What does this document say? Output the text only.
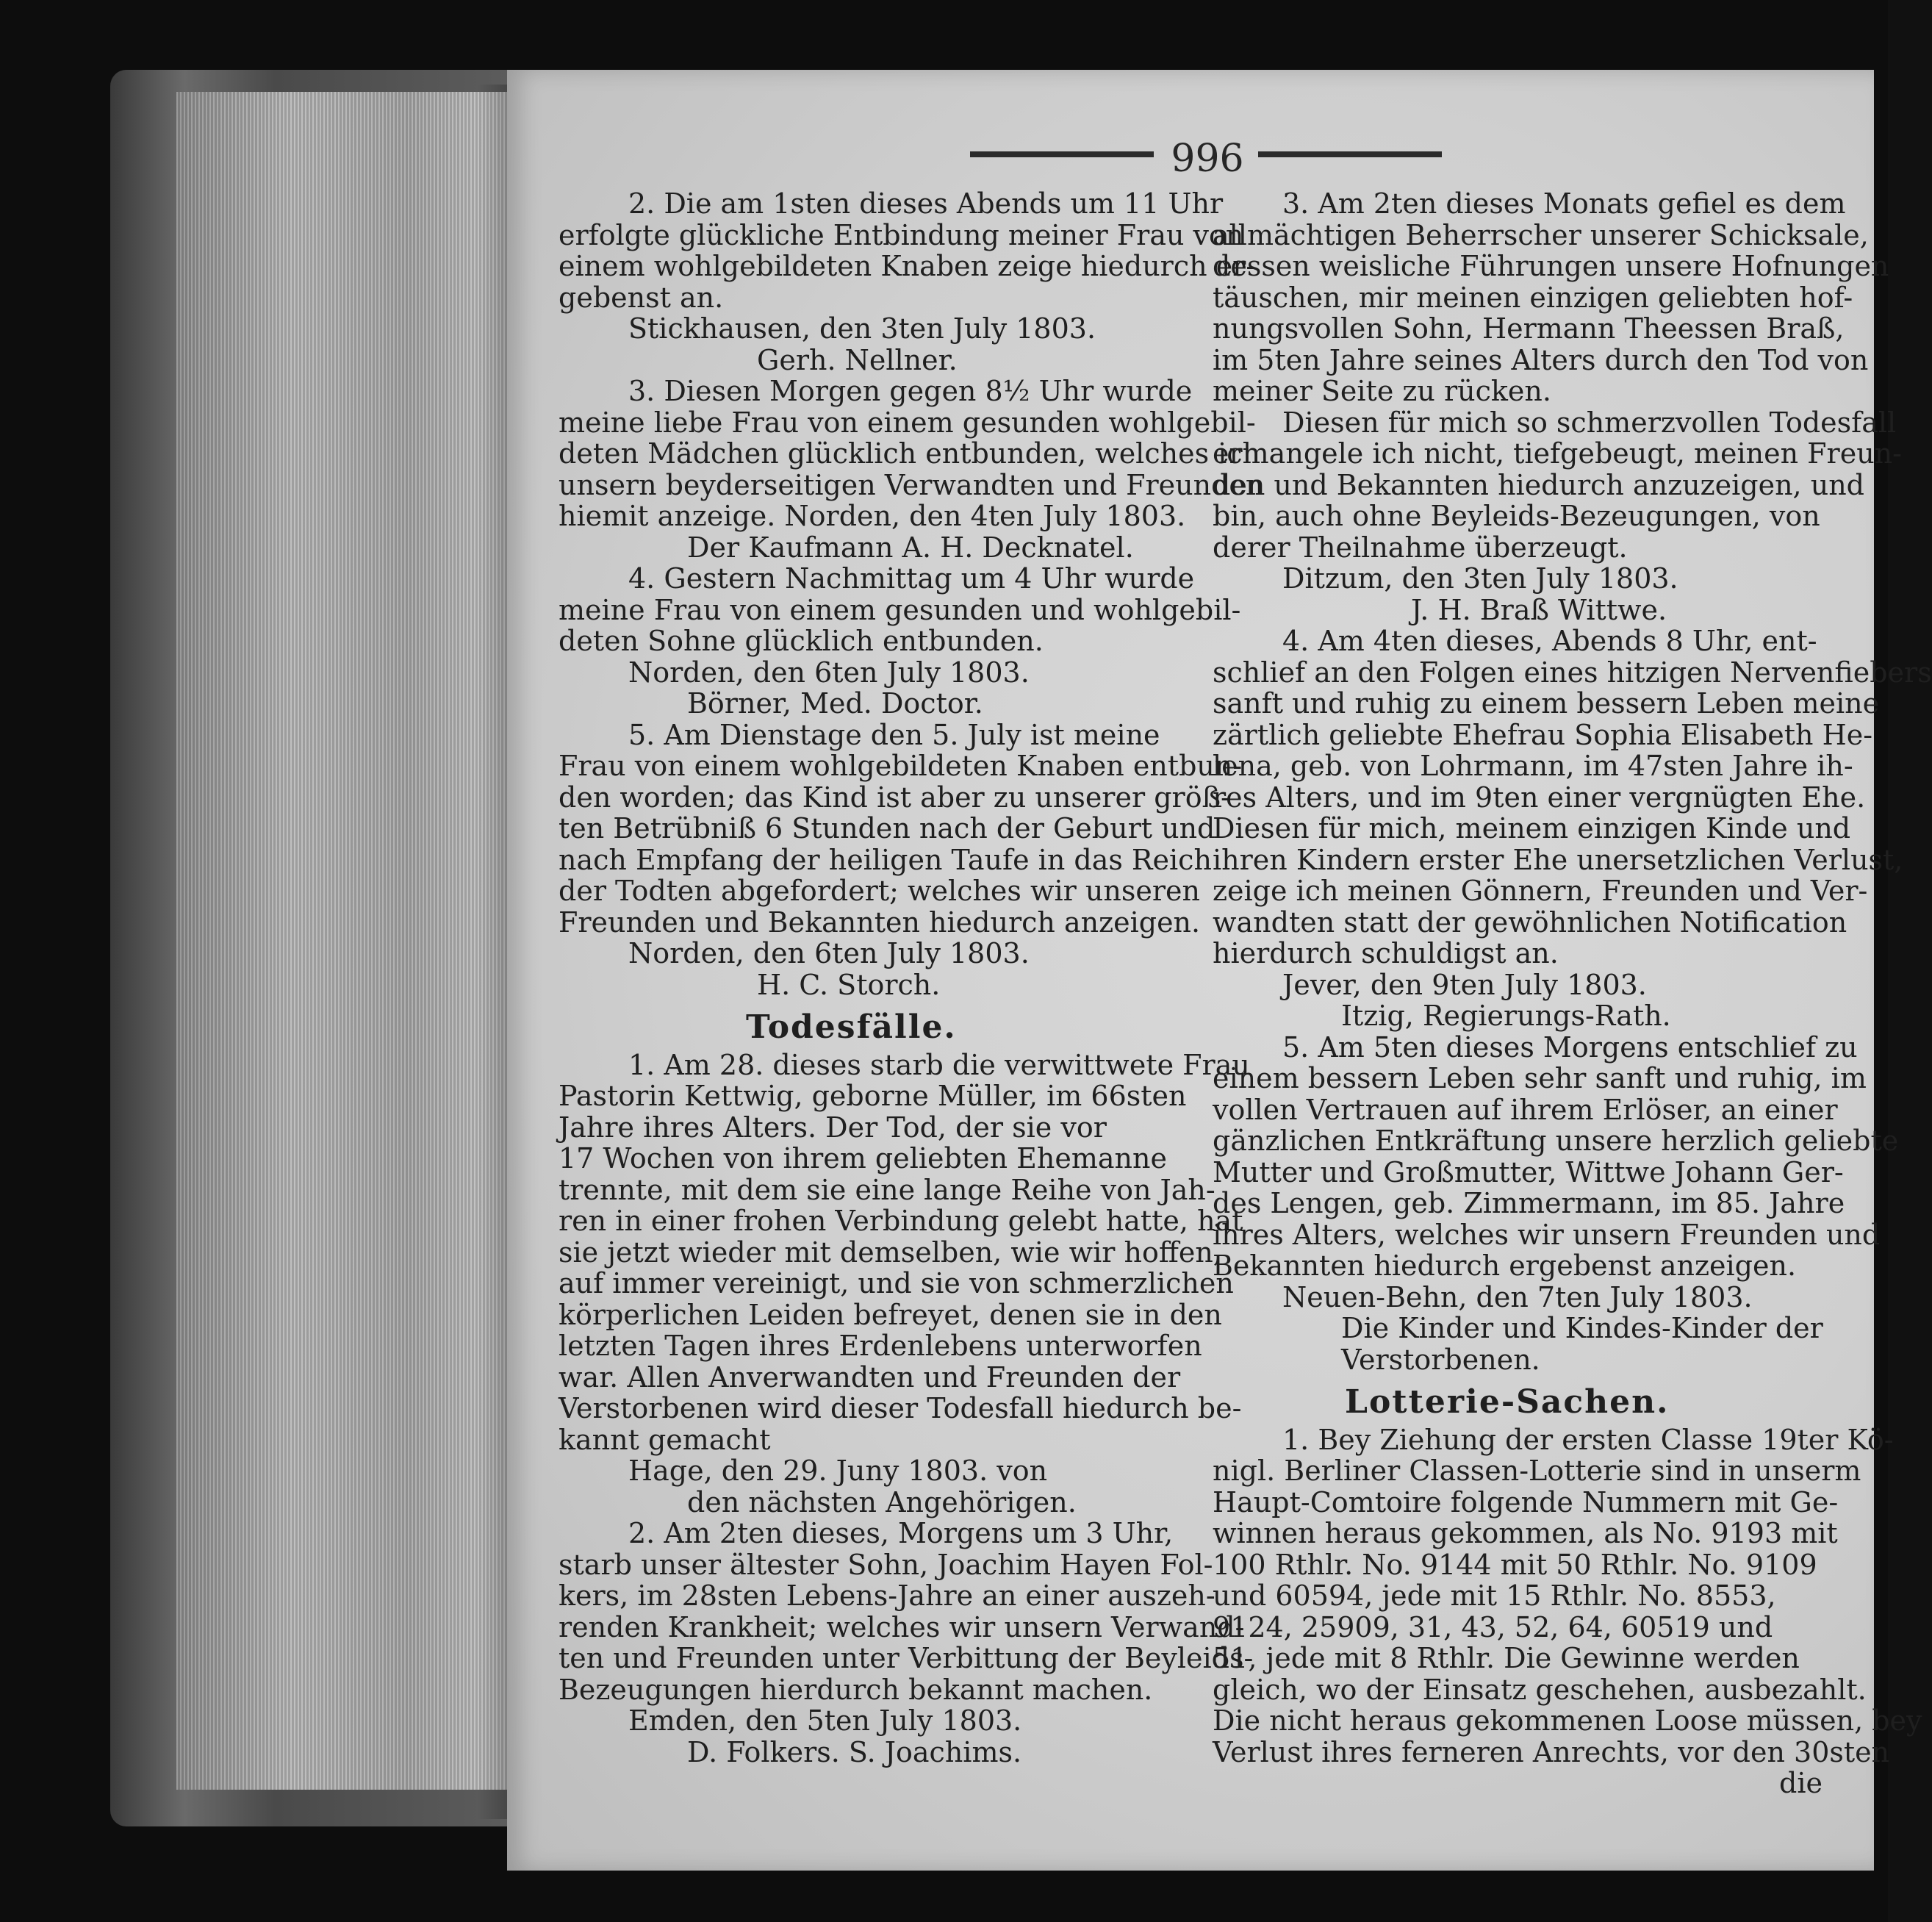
996
2. Die am 1sten dieses Abends um 11 Uhr
erfolgte glückliche Entbindung meiner Frau von
einem wohlgebildeten Knaben zeige hiedurch er-
gebenst an.
Stickhausen, den 3ten July 1803.
Gerh. Nellner.
3. Diesen Morgen gegen 8½ Uhr wurde
meine liebe Frau von einem gesunden wohlgebil-
deten Mädchen glücklich entbunden, welches ich
unsern beyderseitigen Verwandten und Freunden
hiemit anzeige. Norden, den 4ten July 1803.
Der Kaufmann A. H. Decknatel.
4. Gestern Nachmittag um 4 Uhr wurde
meine Frau von einem gesunden und wohlgebil-
deten Sohne glücklich entbunden.
Norden, den 6ten July 1803.
Börner, Med. Doctor.
5. Am Dienstage den 5. July ist meine
Frau von einem wohlgebildeten Knaben entbun-
den worden; das Kind ist aber zu unserer größ-
ten Betrübniß 6 Stunden nach der Geburt und
nach Empfang der heiligen Taufe in das Reich
der Todten abgefordert; welches wir unseren
Freunden und Bekannten hiedurch anzeigen.
Norden, den 6ten July 1803.
H. C. Storch.
Todesfälle.
1. Am 28. dieses starb die verwittwete Frau
Pastorin Kettwig, geborne Müller, im 66sten
Jahre ihres Alters. Der Tod, der sie vor
17 Wochen von ihrem geliebten Ehemanne
trennte, mit dem sie eine lange Reihe von Jah-
ren in einer frohen Verbindung gelebt hatte, hat
sie jetzt wieder mit demselben, wie wir hoffen,
auf immer vereinigt, und sie von schmerzlichen
körperlichen Leiden befreyet, denen sie in den
letzten Tagen ihres Erdenlebens unterworfen
war. Allen Anverwandten und Freunden der
Verstorbenen wird dieser Todesfall hiedurch be-
kannt gemacht
Hage, den 29. Juny 1803. von
den nächsten Angehörigen.
2. Am 2ten dieses, Morgens um 3 Uhr,
starb unser ältester Sohn, Joachim Hayen Fol-
kers, im 28sten Lebens-Jahre an einer auszeh-
renden Krankheit; welches wir unsern Verwand-
ten und Freunden unter Verbittung der Beyleids-
Bezeugungen hierdurch bekannt machen.
Emden, den 5ten July 1803.
D. Folkers. S. Joachims.
3. Am 2ten dieses Monats gefiel es dem
allmächtigen Beherrscher unserer Schicksale,
dessen weisliche Führungen unsere Hofnungen
täuschen, mir meinen einzigen geliebten hof-
nungsvollen Sohn, Hermann Theessen Braß,
im 5ten Jahre seines Alters durch den Tod von
meiner Seite zu rücken.
Diesen für mich so schmerzvollen Todesfall
ermangele ich nicht, tiefgebeugt, meinen Freun-
den und Bekannten hiedurch anzuzeigen, und
bin, auch ohne Beyleids-Bezeugungen, von
derer Theilnahme überzeugt.
Ditzum, den 3ten July 1803.
J. H. Braß Wittwe.
4. Am 4ten dieses, Abends 8 Uhr, ent-
schlief an den Folgen eines hitzigen Nervenfiebers
sanft und ruhig zu einem bessern Leben meine
zärtlich geliebte Ehefrau Sophia Elisabeth He-
lena, geb. von Lohrmann, im 47sten Jahre ih-
res Alters, und im 9ten einer vergnügten Ehe.
Diesen für mich, meinem einzigen Kinde und
ihren Kindern erster Ehe unersetzlichen Verlust,
zeige ich meinen Gönnern, Freunden und Ver-
wandten statt der gewöhnlichen Notification
hierdurch schuldigst an.
Jever, den 9ten July 1803.
Itzig, Regierungs-Rath.
5. Am 5ten dieses Morgens entschlief zu
einem bessern Leben sehr sanft und ruhig, im
vollen Vertrauen auf ihrem Erlöser, an einer
gänzlichen Entkräftung unsere herzlich geliebte
Mutter und Großmutter, Wittwe Johann Ger-
des Lengen, geb. Zimmermann, im 85. Jahre
ihres Alters, welches wir unsern Freunden und
Bekannten hiedurch ergebenst anzeigen.
Neuen-Behn, den 7ten July 1803.
Die Kinder und Kindes-Kinder der
Verstorbenen.
Lotterie-Sachen.
1. Bey Ziehung der ersten Classe 19ter Kö-
nigl. Berliner Classen-Lotterie sind in unserm
Haupt-Comtoire folgende Nummern mit Ge-
winnen heraus gekommen, als No. 9193 mit
100 Rthlr. No. 9144 mit 50 Rthlr. No. 9109
und 60594, jede mit 15 Rthlr. No. 8553,
9124, 25909, 31, 43, 52, 64, 60519 und
51, jede mit 8 Rthlr. Die Gewinne werden
gleich, wo der Einsatz geschehen, ausbezahlt.
Die nicht heraus gekommenen Loose müssen, bey
Verlust ihres ferneren Anrechts, vor den 30sten
die
